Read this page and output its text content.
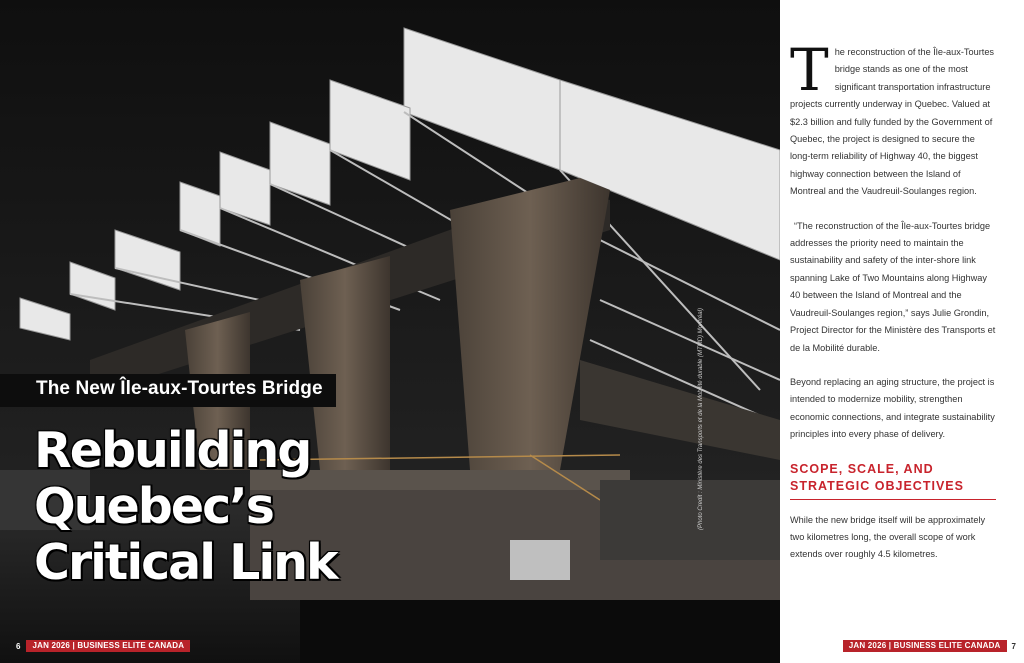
The New Île-aux-Tourtes Bridge
Rebuilding
Quebec’s
Critical Link
(Photo Credit : Ministère des Transports et de la Mobilité durable (MTMD) Montréal)
6	JAN 2026 | BUSINESS ELITE CANADA

The reconstruction of the Île-aux-Tourtes bridge stands as one of the most significant transportation infrastructure projects currently underway in Quebec. Valued at $2.3 billion and fully funded by the Government of Quebec, the project is designed to secure the long-term reliability of Highway 40, the biggest highway connection between the Island of Montreal and the Vaudreuil-Soulanges region.

“The reconstruction of the Île-aux-Tourtes bridge addresses the priority need to maintain the sustainability and safety of the inter-shore link spanning Lake of Two Mountains along Highway 40 between the Island of Montreal and the Vaudreuil-Soulanges region,” says Julie Grondin, Project Director for the Ministère des Transports et de la Mobilité durable.

Beyond replacing an aging structure, the project is intended to modernize mobility, strengthen economic connections, and integrate sustainability principles into every phase of delivery.

SCOPE, SCALE, AND STRATEGIC OBJECTIVES

While the new bridge itself will be approximately two kilometres long, the overall scope of work extends over roughly 4.5 kilometres.

JAN 2026 | BUSINESS ELITE CANADA	7
